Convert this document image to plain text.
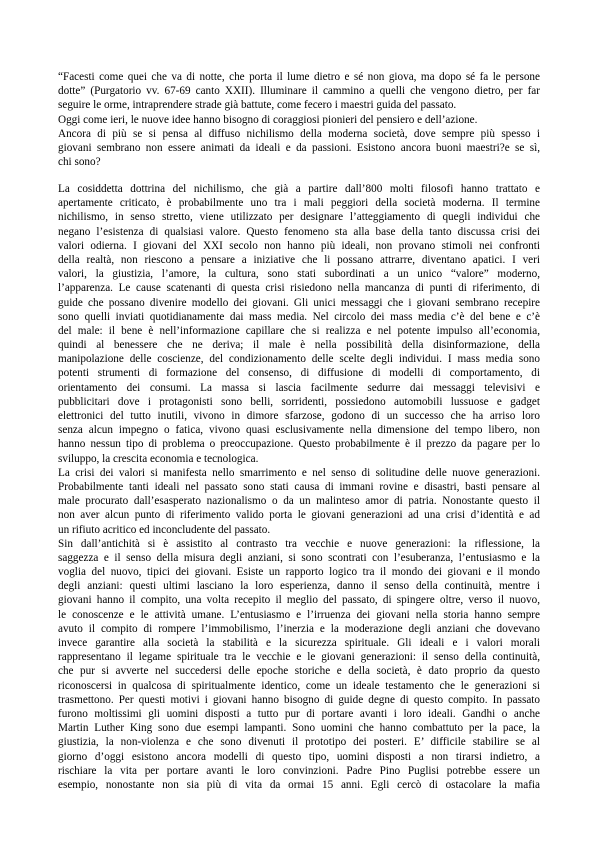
“Facesti come quei che va di notte, che porta il lume dietro e sé non giova, ma dopo sé fa le persone
dotte” (Purgatorio vv. 67-69 canto XXII). Illuminare il cammino a quelli che vengono dietro, per far
seguire le orme, intraprendere strade già battute, come fecero i maestri guida del passato.
Oggi come ieri, le nuove idee hanno bisogno di coraggiosi pionieri del pensiero e dell’azione.
Ancora di più se si pensa al diffuso nichilismo della moderna società, dove sempre più spesso i
giovani sembrano non essere animati da ideali e da passioni. Esistono ancora buoni maestri?e se sì,
chi sono?
La cosiddetta dottrina del nichilismo, che già a partire dall’800 molti filosofi hanno trattato e
apertamente criticato, è probabilmente uno tra i mali peggiori della società moderna. Il termine
nichilismo, in senso stretto, viene utilizzato per designare l’atteggiamento di quegli individui che
negano l’esistenza di qualsiasi valore. Questo fenomeno sta alla base della tanto discussa crisi dei
valori odierna. I giovani del XXI secolo non hanno più ideali, non provano stimoli nei confronti
della realtà, non riescono a pensare a iniziative che li possano attrarre, diventano apatici. I veri
valori, la giustizia, l’amore, la cultura, sono stati subordinati a un unico “valore” moderno,
l’apparenza. Le cause scatenanti di questa crisi risiedono nella mancanza di punti di riferimento, di
guide che possano divenire modello dei giovani. Gli unici messaggi che i giovani sembrano recepire
sono quelli inviati quotidianamente dai mass media. Nel circolo dei mass media c’è del bene e c’è
del male: il bene è nell’informazione capillare che si realizza e nel potente impulso all’economia,
quindi al benessere che ne deriva; il male è nella possibilità della disinformazione, della
manipolazione delle coscienze, del condizionamento delle scelte degli individui. I mass media sono
potenti strumenti di formazione del consenso, di diffusione di modelli di comportamento, di
orientamento dei consumi. La massa si lascia facilmente sedurre dai messaggi televisivi e
pubblicitari dove i protagonisti sono belli, sorridenti, possiedono automobili lussuose e gadget
elettronici del tutto inutili, vivono in dimore sfarzose, godono di un successo che ha arriso loro
senza alcun impegno o fatica, vivono quasi esclusivamente nella dimensione del tempo libero, non
hanno nessun tipo di problema o preoccupazione. Questo probabilmente è il prezzo da pagare per lo
sviluppo, la crescita economia e tecnologica.
La crisi dei valori si manifesta nello smarrimento e nel senso di solitudine delle nuove generazioni.
Probabilmente tanti ideali nel passato sono stati causa di immani rovine e disastri, basti pensare al
male procurato dall’esasperato nazionalismo o da un malinteso amor di patria. Nonostante questo il
non aver alcun punto di riferimento valido porta le giovani generazioni ad una crisi d’identità e ad
un rifiuto acritico ed inconcludente del passato.
Sin dall’antichità si è assistito al contrasto tra vecchie e nuove generazioni: la riflessione, la
saggezza e il senso della misura degli anziani, si sono scontrati con l’esuberanza, l’entusiasmo e la
voglia del nuovo, tipici dei giovani. Esiste un rapporto logico tra il mondo dei giovani e il mondo
degli anziani: questi ultimi lasciano la loro esperienza, danno il senso della continuità, mentre i
giovani hanno il compito, una volta recepito il meglio del passato, di spingere oltre, verso il nuovo,
le conoscenze e le attività umane. L’entusiasmo e l’irruenza dei giovani nella storia hanno sempre
avuto il compito di rompere l’immobilismo, l’inerzia e la moderazione degli anziani che dovevano
invece garantire alla società la stabilità e la sicurezza spirituale. Gli ideali e i valori morali
rappresentano il legame spirituale tra le vecchie e le giovani generazioni: il senso della continuità,
che pur si avverte nel succedersi delle epoche storiche e della società, è dato proprio da questo
riconoscersi in qualcosa di spiritualmente identico, come un ideale testamento che le generazioni si
trasmettono. Per questi motivi i giovani hanno bisogno di guide degne di questo compito. In passato
furono moltissimi gli uomini disposti a tutto pur di portare avanti i loro ideali. Gandhi o anche
Martin Luther King sono due esempi lampanti. Sono uomini che hanno combattuto per la pace, la
giustizia, la non-violenza e che sono divenuti il prototipo dei posteri. E’ difficile stabilire se al
giorno d’oggi esistono ancora modelli di questo tipo, uomini disposti a non tirarsi indietro, a
rischiare la vita per portare avanti le loro convinzioni. Padre Pino Puglisi potrebbe essere un
esempio, nonostante non sia più di vita da ormai 15 anni. Egli cercò di ostacolare la mafia
